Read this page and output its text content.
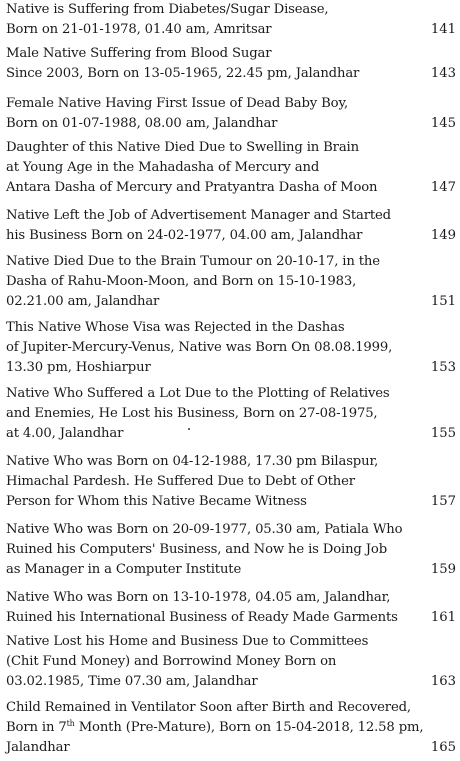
Native is Suffering from Diabetes/Sugar Disease,
Born on 21-01-1978, 01.40 am, Amritsar	141
Male Native Suffering from Blood Sugar
Since 2003, Born on 13-05-1965, 22.45 pm, Jalandhar	143
Female Native Having First Issue of Dead Baby Boy,
Born on 01-07-1988, 08.00 am, Jalandhar	145
Daughter of this Native Died Due to Swelling in Brain
at Young Age in the Mahadasha of Mercury and
Antara Dasha of Mercury and Pratyantra Dasha of Moon	147
Native Left the Job of Advertisement Manager and Started
his Business Born on 24-02-1977, 04.00 am, Jalandhar	149
Native Died Due to the Brain Tumour on 20-10-17, in the
Dasha of Rahu-Moon-Moon, and Born on 15-10-1983,
02.21.00 am, Jalandhar	151
This Native Whose Visa was Rejected in the Dashas
of Jupiter-Mercury-Venus, Native was Born On 08.08.1999,
13.30 pm, Hoshiarpur	153
Native Who Suffered a Lot Due to the Plotting of Relatives
and Enemies, He Lost his Business, Born on 27-08-1975,
at 4.00, Jalandhar	155
Native Who was Born on 04-12-1988, 17.30 pm Bilaspur,
Himachal Pardesh. He Suffered Due to Debt of Other
Person for Whom this Native Became Witness	157
Native Who was Born on 20-09-1977, 05.30 am, Patiala Who
Ruined his Computers' Business, and Now he is Doing Job
as Manager in a Computer Institute	159
Native Who was Born on 13-10-1978, 04.05 am, Jalandhar,
Ruined his International Business of Ready Made Garments	161
Native Lost his Home and Business Due to Committees
(Chit Fund Money) and Borrowind Money Born on
03.02.1985, Time 07.30 am, Jalandhar	163
Child Remained in Ventilator Soon after Birth and Recovered,
Born in 7th Month (Pre-Mature), Born on 15-04-2018, 12.58 pm,
Jalandhar	165
